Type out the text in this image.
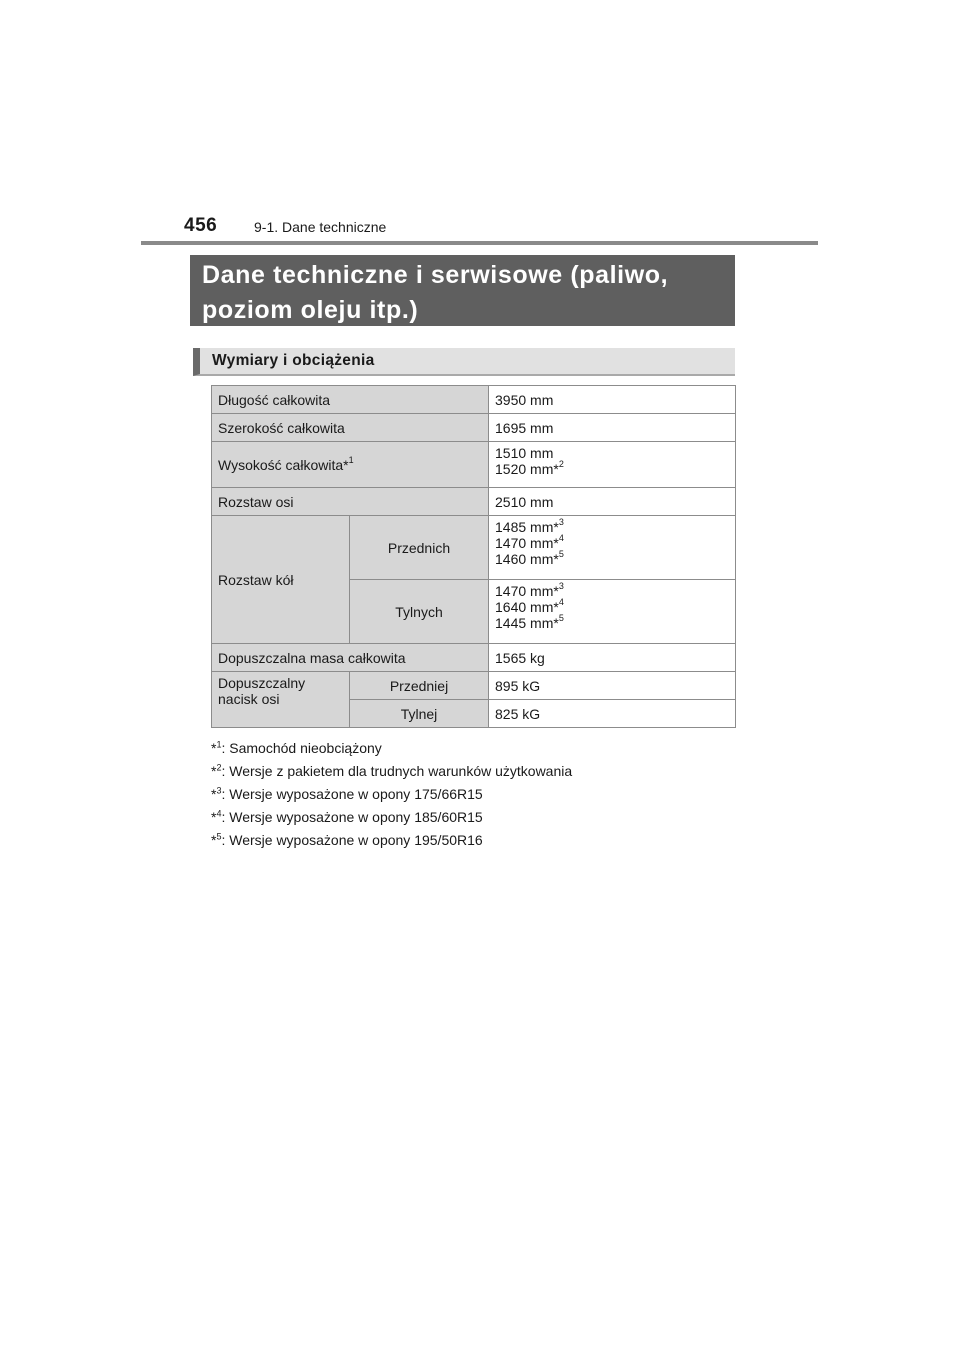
456	9-1. Dane techniczne
Dane techniczne i serwisowe (paliwo,
poziom oleju itp.)
Wymiary i obciążenia
Długość całkowita		3950 mm
Szerokość całkowita		1695 mm
Wysokość całkowita*$^1$		1510 mm
1520 mm*$^2$

Rozstaw osi		2510 mm
Rozstaw kół	Przednich	1485 mm*$^3$
1470 mm*$^4$
1460 mm*$^5$

	Tylnych	1470 mm*$^3$
1640 mm*$^4$
1445 mm*$^5$

Dopuszczalna masa całkowita		1565 kg
Dopuszczalny
nacisk osi	Przedniej	895 kG
	Tylnej	825 kG
*$^1$: Samochód nieobciążony
*$^2$: Wersje z pakietem dla trudnych warunków użytkowania
*$^3$: Wersje wyposażone w opony 175/66R15
*$^4$: Wersje wyposażone w opony 185/60R15
*$^5$: Wersje wyposażone w opony 195/50R16
